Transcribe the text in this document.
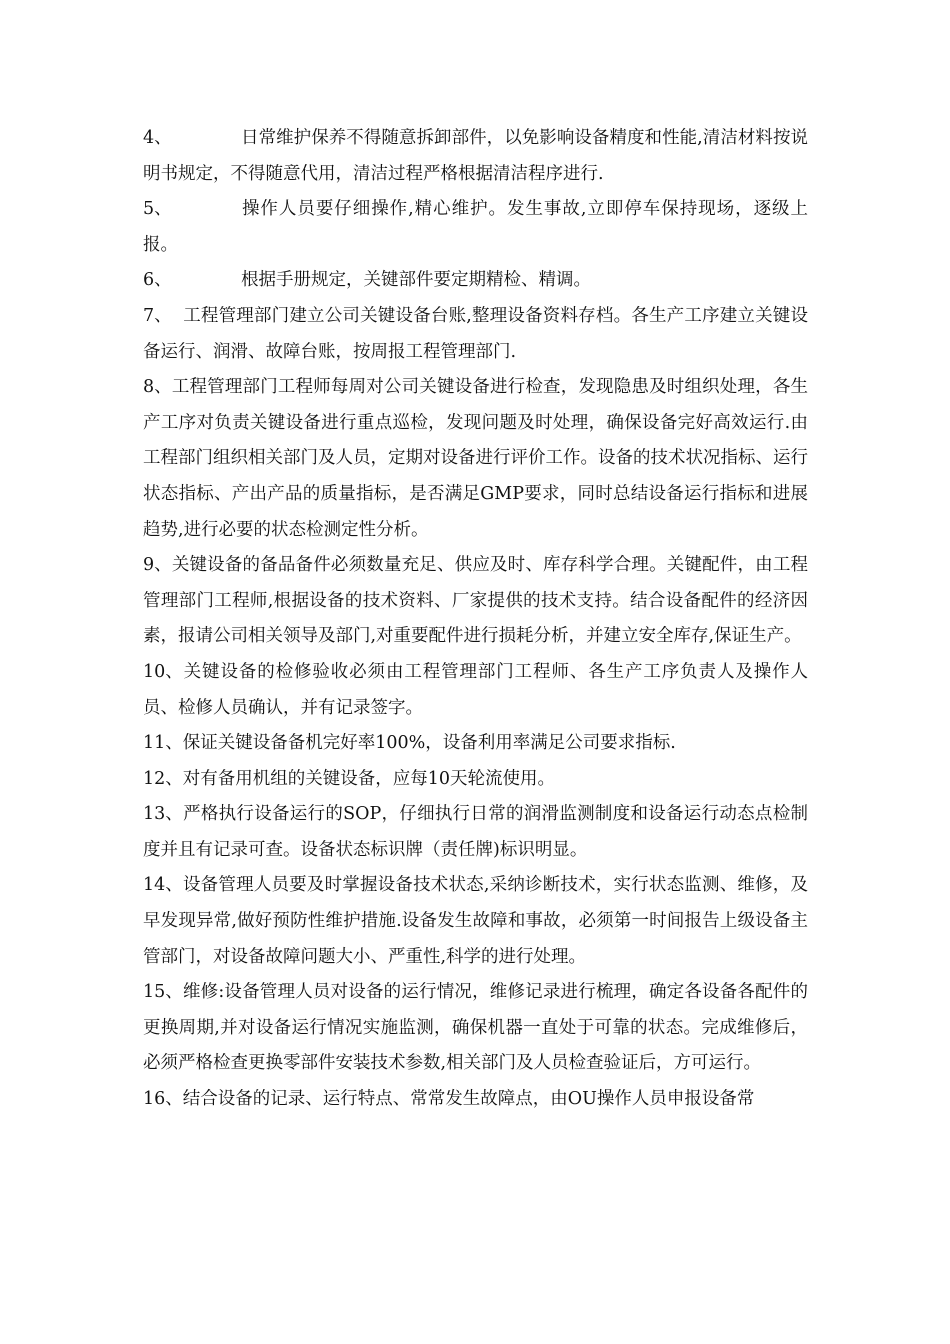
4、	日常维护保养不得随意拆卸部件，以免影响设备精度和性能,清洁材料按说明书规定，不得随意代用，清洁过程严格根据清洁程序进行.

5、	操作人员要仔细操作,精心维护。发生事故,立即停车保持现场，逐级上报。

6、	根据手册规定，关键部件要定期精检、精调。

7、 工程管理部门建立公司关键设备台账,整理设备资料存档。各生产工序建立关键设备运行、润滑、故障台账，按周报工程管理部门.

8、工程管理部门工程师每周对公司关键设备进行检查，发现隐患及时组织处理，各生产工序对负责关键设备进行重点巡检，发现问题及时处理，确保设备完好高效运行.由工程部门组织相关部门及人员，定期对设备进行评价工作。设备的技术状况指标、运行状态指标、产出产品的质量指标，是否满足GMP要求，同时总结设备运行指标和进展趋势,进行必要的状态检测定性分析。

9、关键设备的备品备件必须数量充足、供应及时、库存科学合理。关键配件，由工程管理部门工程师,根据设备的技术资料、厂家提供的技术支持。结合设备配件的经济因素，报请公司相关领导及部门,对重要配件进行损耗分析，并建立安全库存,保证生产。

10、关键设备的检修验收必须由工程管理部门工程师、各生产工序负责人及操作人员、检修人员确认，并有记录签字。

11、保证关键设备备机完好率100%，设备利用率满足公司要求指标.

12、对有备用机组的关键设备，应每10天轮流使用。

13、严格执行设备运行的SOP，仔细执行日常的润滑监测制度和设备运行动态点检制度并且有记录可查。设备状态标识牌（责任牌)标识明显。

14、设备管理人员要及时掌握设备技术状态,采纳诊断技术，实行状态监测、维修，及早发现异常,做好预防性维护措施.设备发生故障和事故，必须第一时间报告上级设备主管部门，对设备故障问题大小、严重性,科学的进行处理。

15、维修:设备管理人员对设备的运行情况，维修记录进行梳理，确定各设备各配件的更换周期,并对设备运行情况实施监测，确保机器一直处于可靠的状态。完成维修后，必须严格检查更换零部件安装技术参数,相关部门及人员检查验证后，方可运行。

16、结合设备的记录、运行特点、常常发生故障点，由OU操作人员申报设备常
